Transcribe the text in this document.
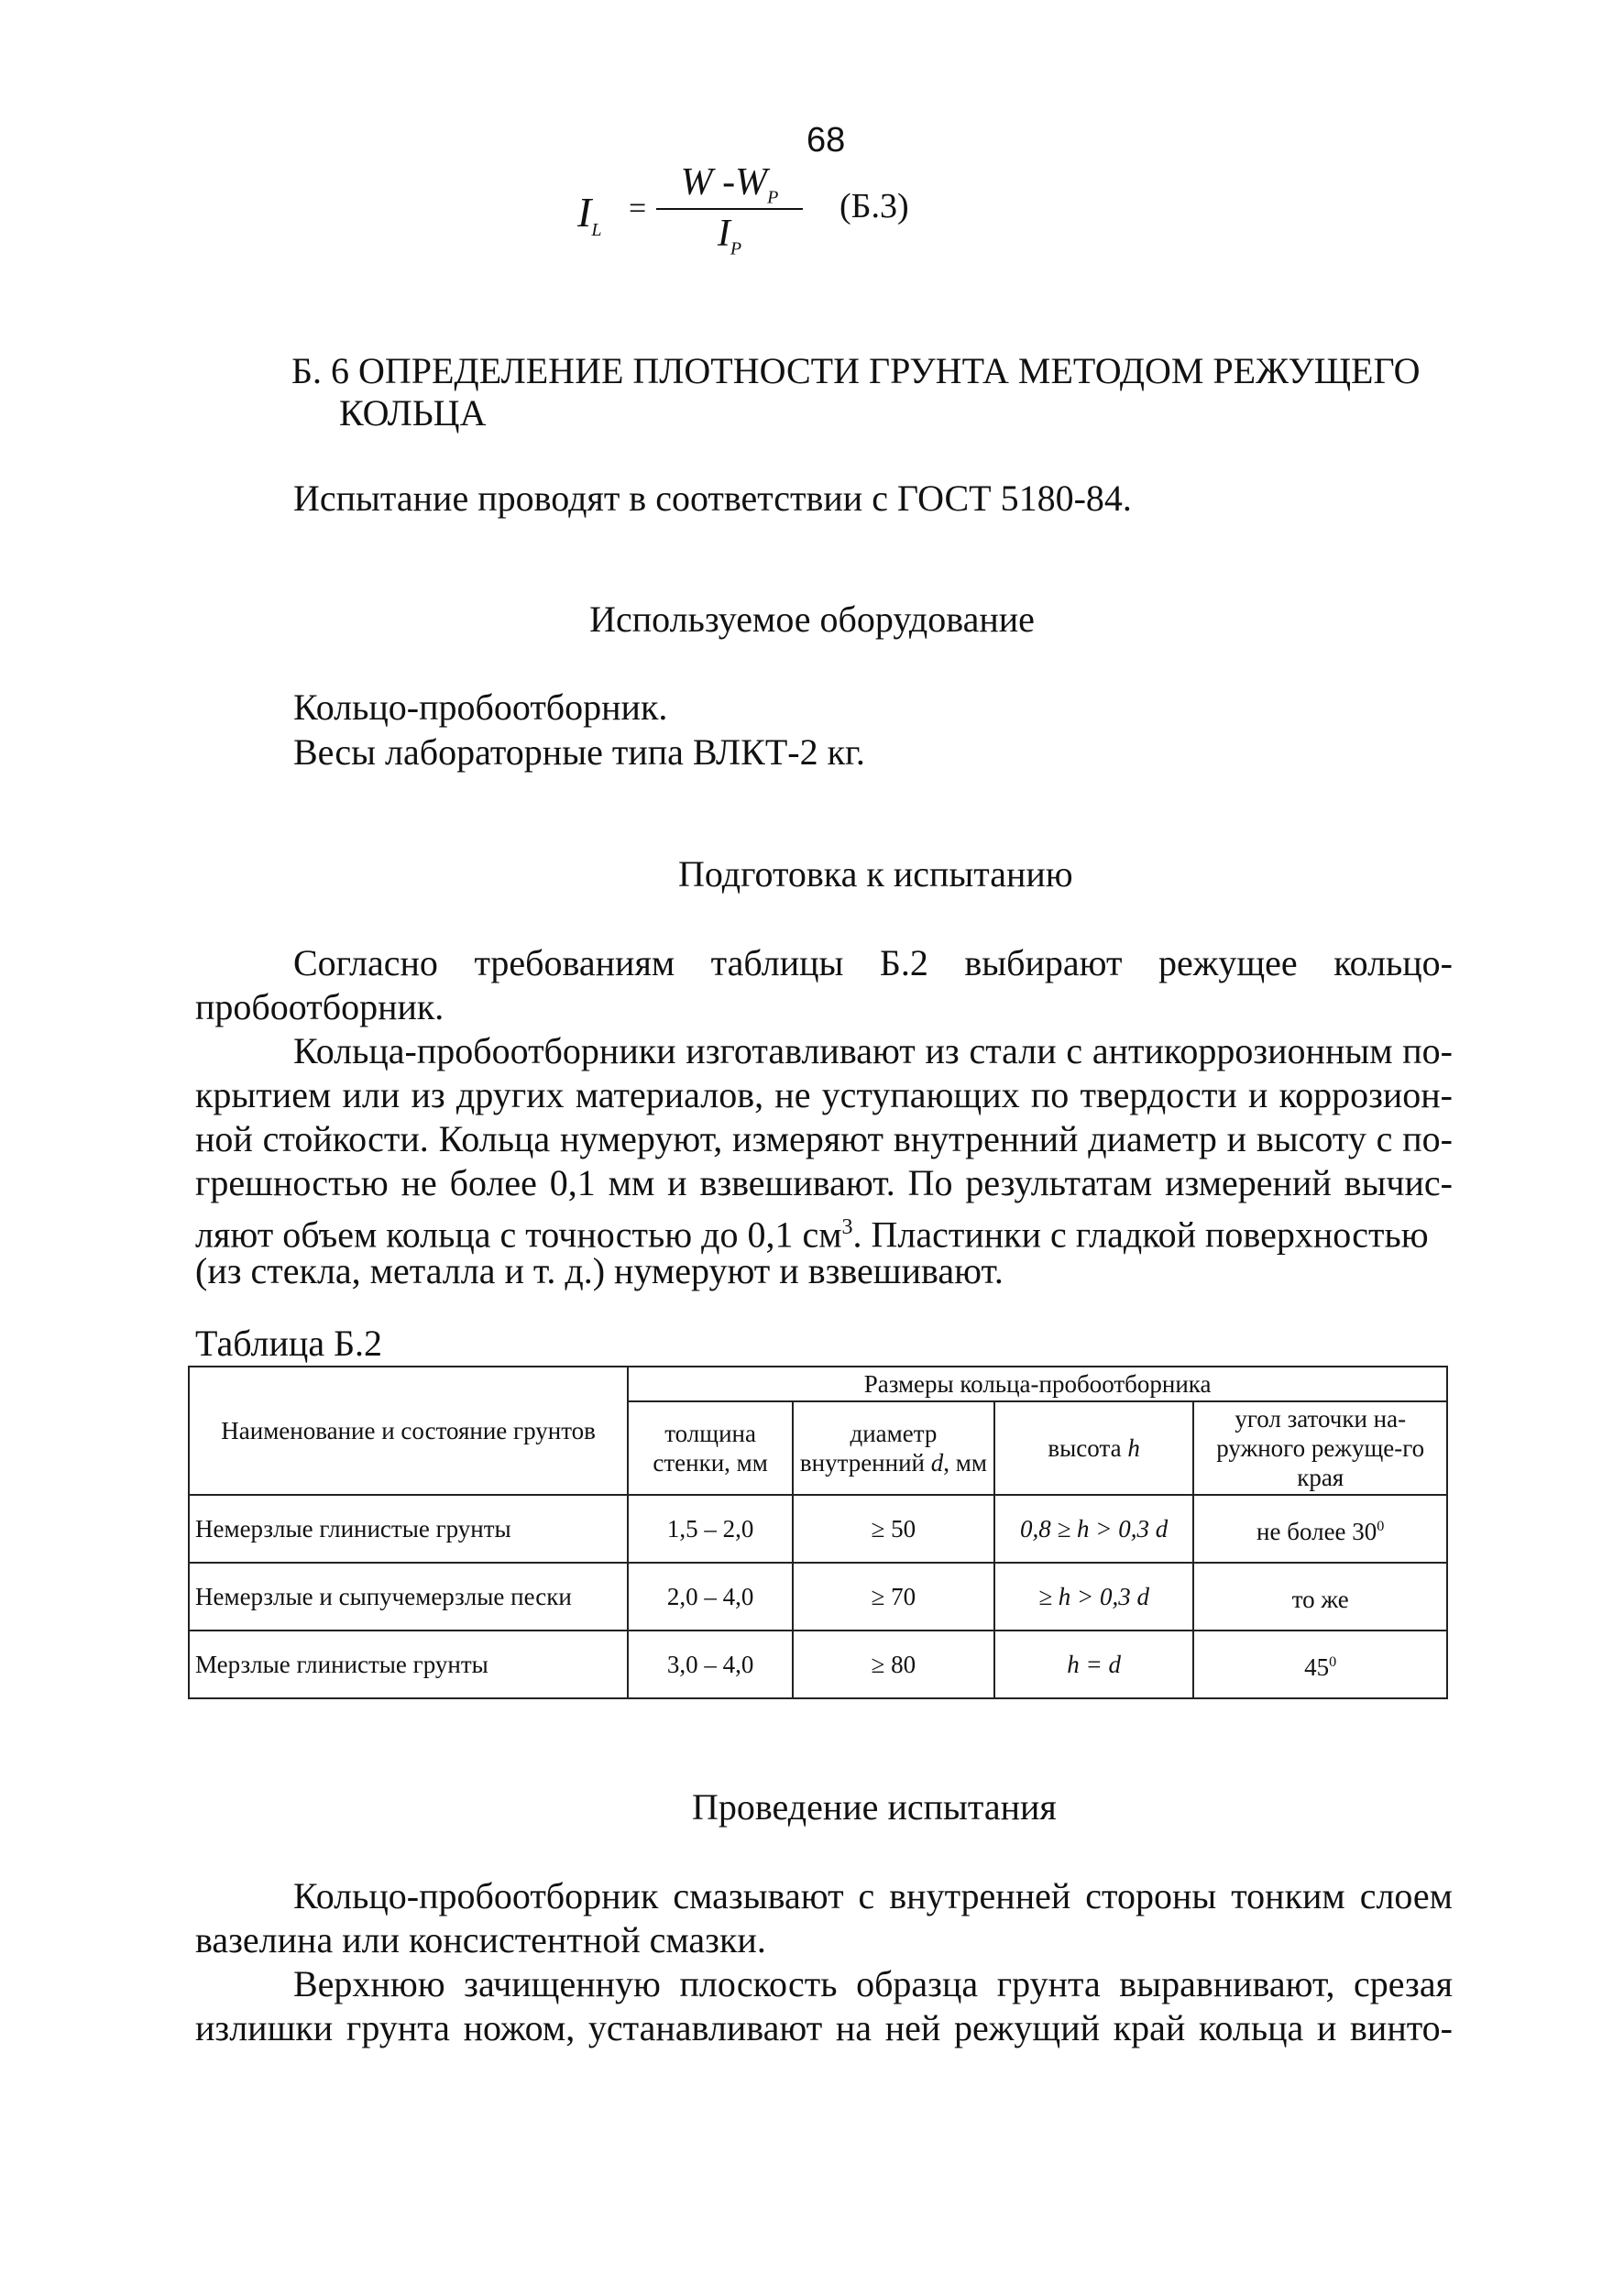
68
$I_L$
=
W $-W_P$
$I_P$
(Б.3)
Б. 6 ОПРЕДЕЛЕНИЕ ПЛОТНОСТИ ГРУНТА МЕТОДОМ РЕЖУЩЕГО
КОЛЬЦА
Испытание проводят в соответствии с ГОСТ 5180-84.
Используемое оборудование
Кольцо-пробоотборник.
Весы лабораторные типа ВЛКТ-2 кг.
Подготовка к испытанию
Согласно требованиям таблицы Б.2 выбирают режущее кольцо-
пробоотборник.
Кольца-пробоотборники изготавливают из стали с антикоррозионным по-
крытием или из других материалов, не уступающих по твердости и коррозион-
ной стойкости. Кольца нумеруют, измеряют внутренний диаметр и высоту с по-
грешностью не более 0,1 мм и взвешивают. По результатам измерений вычис-
ляют объем кольца с точностью до 0,1 $см^3$. Пластинки с гладкой поверхностью
(из стекла, металла и т. д.) нумеруют и взвешивают.
Таблица Б.2
Наименование и состояние грунтов	Размеры кольца-пробоотборника			
	толщина стенки, мм	диаметр внутренний d, мм	высота h	угол заточки на-ружного режуще-го края
Немерзлые глинистые грунты	1,5 – 2,0	≥ 50	0,8 ≥ h > 0,3 d	не более $30^0$
Немерзлые и сыпучемерзлые пески	2,0 – 4,0	≥ 70	≥ h > 0,3 d	то же
Мерзлые глинистые грунты	3,0 – 4,0	≥ 80	h = d	$45^0$
Проведение испытания
Кольцо-пробоотборник смазывают с внутренней стороны тонким слоем
вазелина или консистентной смазки.
Верхнюю зачищенную плоскость образца грунта выравнивают, срезая
излишки грунта ножом, устанавливают на ней режущий край кольца и винто-
